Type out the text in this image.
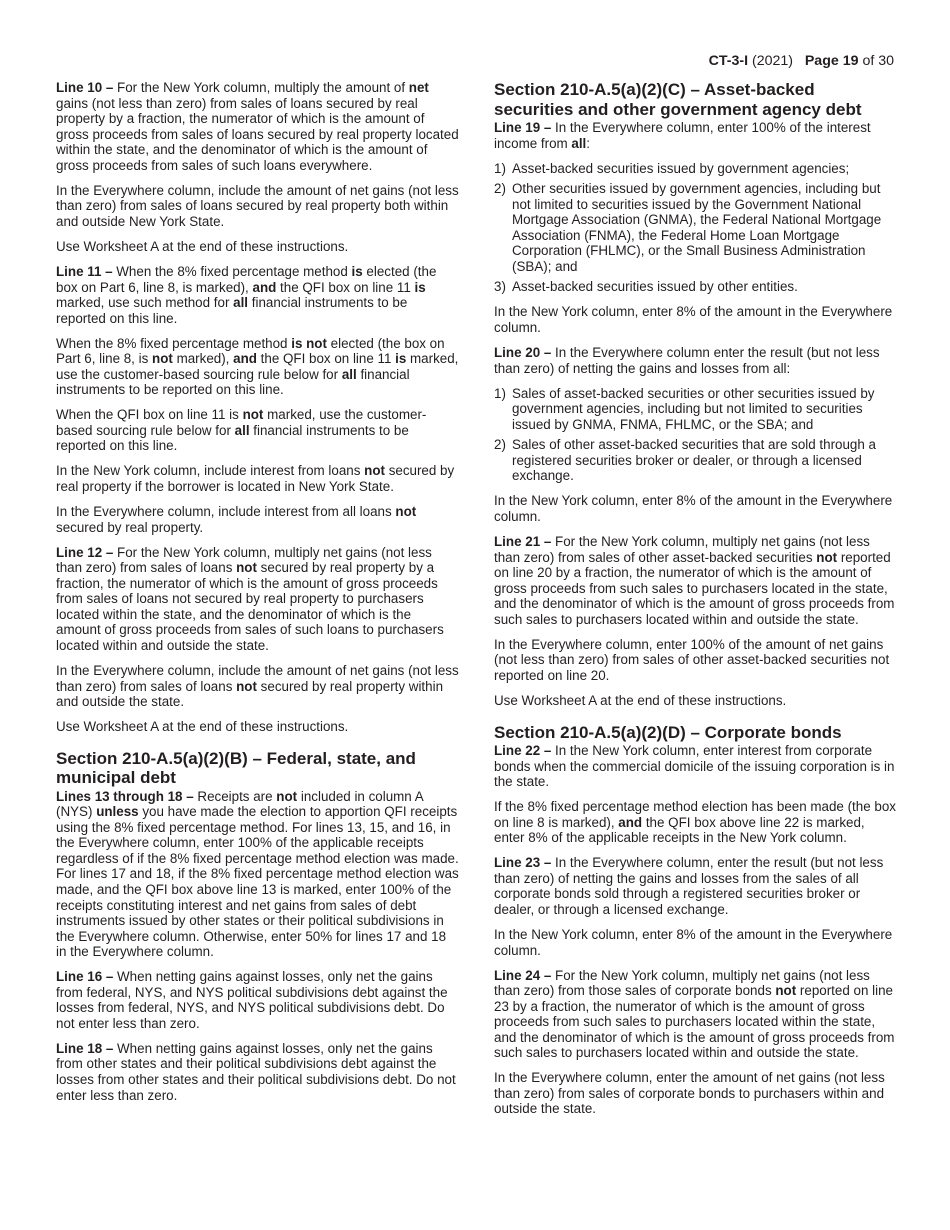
CT-3-I (2021) Page 19 of 30

Line 10 – For the New York column, multiply the amount of net gains (not less than zero) from sales of loans secured by real property by a fraction, the numerator of which is the amount of gross proceeds from sales of loans secured by real property located within the state, and the denominator of which is the amount of gross proceeds from sales of such loans everywhere.

In the Everywhere column, include the amount of net gains (not less than zero) from sales of loans secured by real property both within and outside New York State.

Use Worksheet A at the end of these instructions.

Line 11 – When the 8% fixed percentage method is elected (the box on Part 6, line 8, is marked), and the QFI box on line 11 is marked, use such method for all financial instruments to be reported on this line.

When the 8% fixed percentage method is not elected (the box on Part 6, line 8, is not marked), and the QFI box on line 11 is marked, use the customer-based sourcing rule below for all financial instruments to be reported on this line.

When the QFI box on line 11 is not marked, use the customer-based sourcing rule below for all financial instruments to be reported on this line.

In the New York column, include interest from loans not secured by real property if the borrower is located in New York State.

In the Everywhere column, include interest from all loans not secured by real property.

Line 12 – For the New York column, multiply net gains (not less than zero) from sales of loans not secured by real property by a fraction, the numerator of which is the amount of gross proceeds from sales of loans not secured by real property to purchasers located within the state, and the denominator of which is the amount of gross proceeds from sales of such loans to purchasers located within and outside the state.

In the Everywhere column, include the amount of net gains (not less than zero) from sales of loans not secured by real property within and outside the state.

Use Worksheet A at the end of these instructions.

Section 210-A.5(a)(2)(B) – Federal, state, and municipal debt

Lines 13 through 18 – Receipts are not included in column A (NYS) unless you have made the election to apportion QFI receipts using the 8% fixed percentage method. For lines 13, 15, and 16, in the Everywhere column, enter 100% of the applicable receipts regardless of if the 8% fixed percentage method election was made. For lines 17 and 18, if the 8% fixed percentage method election was made, and the QFI box above line 13 is marked, enter 100% of the receipts constituting interest and net gains from sales of debt instruments issued by other states or their political subdivisions in the Everywhere column. Otherwise, enter 50% for lines 17 and 18 in the Everywhere column.

Line 16 – When netting gains against losses, only net the gains from federal, NYS, and NYS political subdivisions debt against the losses from federal, NYS, and NYS political subdivisions debt. Do not enter less than zero.

Line 18 – When netting gains against losses, only net the gains from other states and their political subdivisions debt against the losses from other states and their political subdivisions debt. Do not enter less than zero.

Section 210-A.5(a)(2)(C) – Asset-backed securities and other government agency debt

Line 19 – In the Everywhere column, enter 100% of the interest income from all:

1) Asset-backed securities issued by government agencies;
2) Other securities issued by government agencies, including but not limited to securities issued by the Government National Mortgage Association (GNMA), the Federal National Mortgage Association (FNMA), the Federal Home Loan Mortgage Corporation (FHLMC), or the Small Business Administration (SBA); and
3) Asset-backed securities issued by other entities.

In the New York column, enter 8% of the amount in the Everywhere column.

Line 20 – In the Everywhere column enter the result (but not less than zero) of netting the gains and losses from all:

1) Sales of asset-backed securities or other securities issued by government agencies, including but not limited to securities issued by GNMA, FNMA, FHLMC, or the SBA; and
2) Sales of other asset-backed securities that are sold through a registered securities broker or dealer, or through a licensed exchange.

In the New York column, enter 8% of the amount in the Everywhere column.

Line 21 – For the New York column, multiply net gains (not less than zero) from sales of other asset-backed securities not reported on line 20 by a fraction, the numerator of which is the amount of gross proceeds from such sales to purchasers located in the state, and the denominator of which is the amount of gross proceeds from such sales to purchasers located within and outside the state.

In the Everywhere column, enter 100% of the amount of net gains (not less than zero) from sales of other asset-backed securities not reported on line 20.

Use Worksheet A at the end of these instructions.

Section 210-A.5(a)(2)(D) – Corporate bonds

Line 22 – In the New York column, enter interest from corporate bonds when the commercial domicile of the issuing corporation is in the state.

If the 8% fixed percentage method election has been made (the box on line 8 is marked), and the QFI box above line 22 is marked, enter 8% of the applicable receipts in the New York column.

Line 23 – In the Everywhere column, enter the result (but not less than zero) of netting the gains and losses from the sales of all corporate bonds sold through a registered securities broker or dealer, or through a licensed exchange.

In the New York column, enter 8% of the amount in the Everywhere column.

Line 24 – For the New York column, multiply net gains (not less than zero) from those sales of corporate bonds not reported on line 23 by a fraction, the numerator of which is the amount of gross proceeds from such sales to purchasers located within the state, and the denominator of which is the amount of gross proceeds from such sales to purchasers located within and outside the state.

In the Everywhere column, enter the amount of net gains (not less than zero) from sales of corporate bonds to purchasers within and outside the state.
